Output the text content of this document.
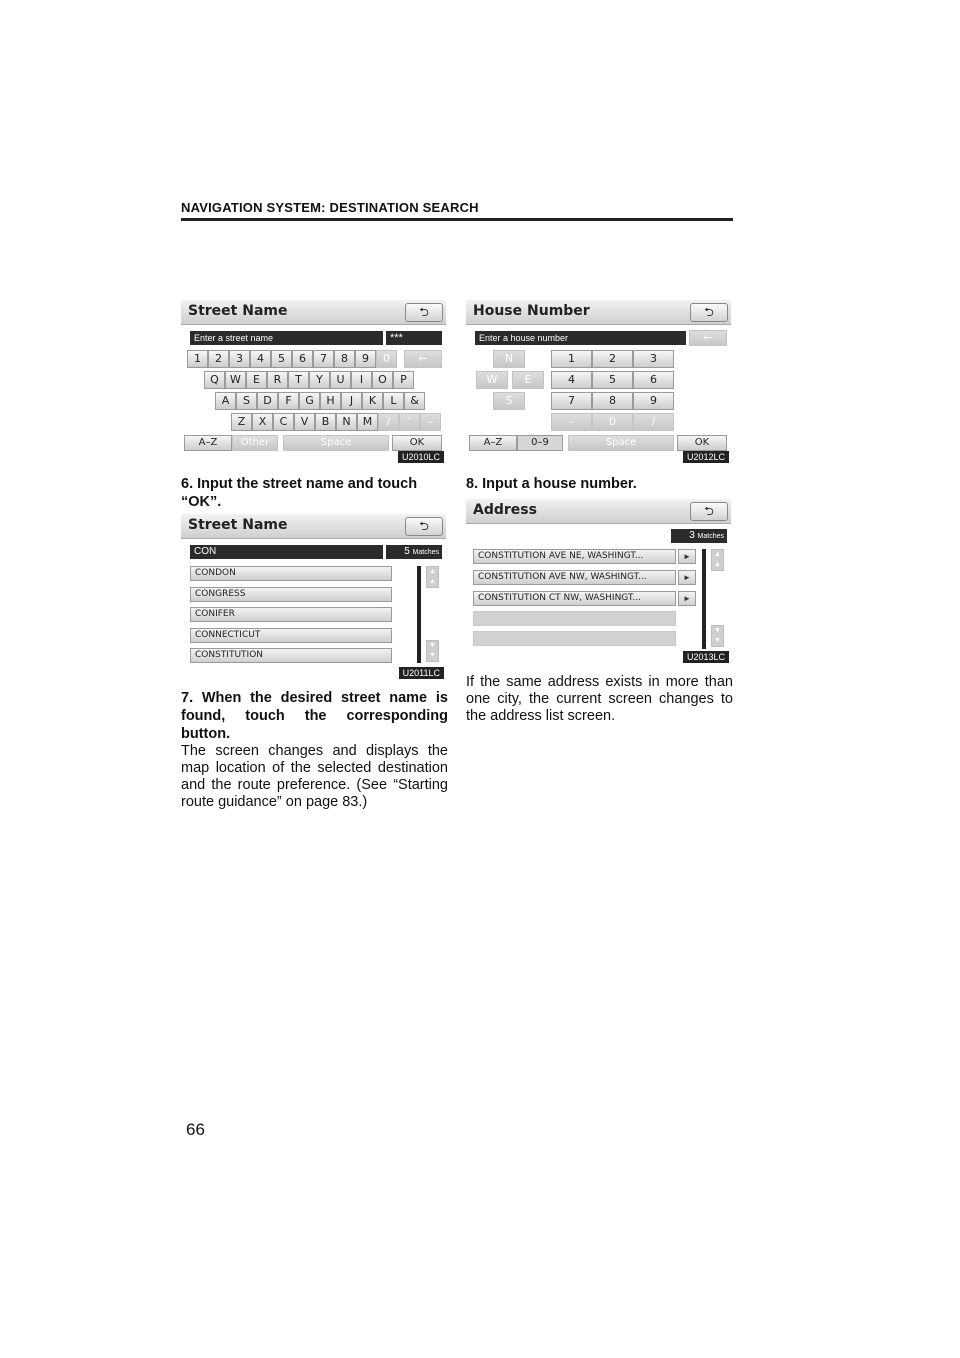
NAVIGATION SYSTEM: DESTINATION SEARCH
Street Name	⮌
Enter a street name	***
1	2	3	4	5	6	7	8	9	0	←
Q	W	E	R	T	Y	U	I	O	P
A	S	D	F	G	H	J	K	L	&
Z	X	C	V	B	N	M	/	'	–
A–Z	Other	Space	OK
U2010LC
6. Input the street name and touch “OK”.
Street Name	⮌
CON	5 Matches
CONDON
CONGRESS
CONIFER
CONNECTICUT
CONSTITUTION
▲
▲
▼
▼
U2011LC
7. When the desired street name is found, touch the corresponding button.
The screen changes and displays the map location of the selected destination and the route preference. (See “Starting route guidance” on page 83.)
House Number	⮌
Enter a house number	←
N
W	E
S
1	2	3
4	5	6
7	8	9
–	0	/
A–Z	0–9	Space	OK
U2012LC
8. Input a house number.
Address	⮌
3 Matches
CONSTITUTION AVE NE, WASHINGT...	►
CONSTITUTION AVE NW, WASHINGT...	►
CONSTITUTION CT NW, WASHINGT...	►
▲
▲
▼
▼
U2013LC
If the same address exists in more than one city, the current screen changes to the address list screen.
66
